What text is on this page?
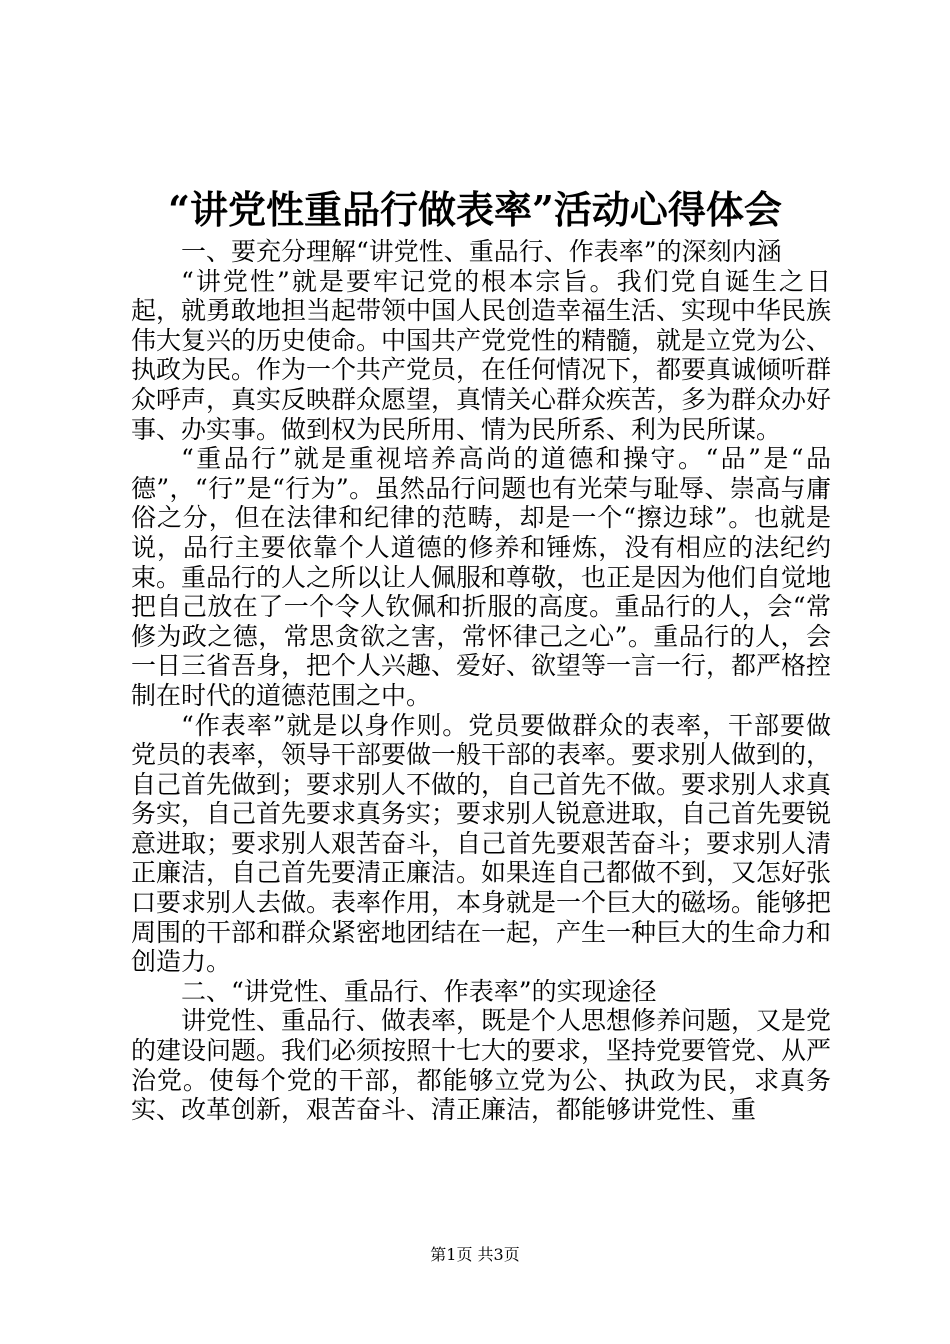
“讲党性重品行做表率”活动心得体会

一、要充分理解“讲党性、重品行、作表率”的深刻内涵

“讲党性”就是要牢记党的根本宗旨。我们党自诞生之日起，就勇敢地担当起带领中国人民创造幸福生活、实现中华民族伟大复兴的历史使命。中国共产党党性的精髓，就是立党为公、执政为民。作为一个共产党员，在任何情况下，都要真诚倾听群众呼声，真实反映群众愿望，真情关心群众疾苦，多为群众办好事、办实事。做到权为民所用、情为民所系、利为民所谋。

“重品行”就是重视培养高尚的道德和操守。“品”是“品德”，“行”是“行为”。虽然品行问题也有光荣与耻辱、崇高与庸俗之分，但在法律和纪律的范畴，却是一个“擦边球”。也就是说，品行主要依靠个人道德的修养和锤炼，没有相应的法纪约束。重品行的人之所以让人佩服和尊敬，也正是因为他们自觉地把自己放在了一个令人钦佩和折服的高度。重品行的人，会“常修为政之德，常思贪欲之害，常怀律己之心”。重品行的人，会一日三省吾身，把个人兴趣、爱好、欲望等一言一行，都严格控制在时代的道德范围之中。

“作表率”就是以身作则。党员要做群众的表率，干部要做党员的表率，领导干部要做一般干部的表率。要求别人做到的，自己首先做到；要求别人不做的，自己首先不做。要求别人求真务实，自己首先要求真务实；要求别人锐意进取，自己首先要锐意进取；要求别人艰苦奋斗，自己首先要艰苦奋斗；要求别人清正廉洁，自己首先要清正廉洁。如果连自己都做不到，又怎好张口要求别人去做。表率作用，本身就是一个巨大的磁场。能够把周围的干部和群众紧密地团结在一起，产生一种巨大的生命力和创造力。

二、“讲党性、重品行、作表率”的实现途径

讲党性、重品行、做表率，既是个人思想修养问题，又是党的建设问题。我们必须按照十七大的要求，坚持党要管党、从严治党。使每个党的干部，都能够立党为公、执政为民，求真务实、改革创新，艰苦奋斗、清正廉洁，都能够讲党性、重

第1页 共3页
